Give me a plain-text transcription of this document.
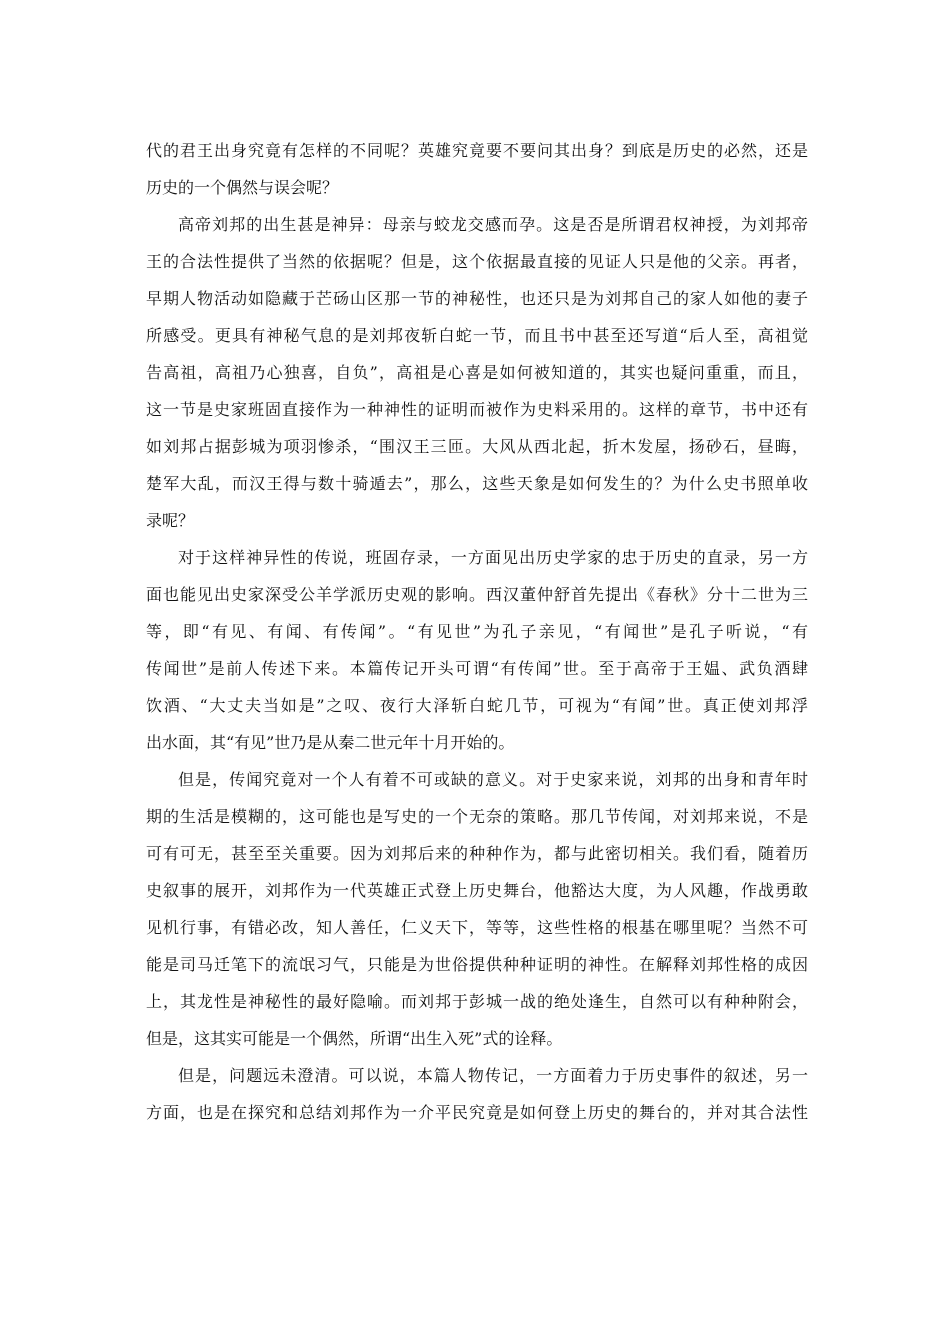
代的君王出身究竟有怎样的不同呢？英雄究竟要不要问其出身？到底是历史的必然，还是
历史的一个偶然与误会呢？
高帝刘邦的出生甚是神异：母亲与蛟龙交感而孕。这是否是所谓君权神授，为刘邦帝
王的合法性提供了当然的依据呢？但是，这个依据最直接的见证人只是他的父亲。再者，
早期人物活动如隐藏于芒砀山区那一节的神秘性，也还只是为刘邦自己的家人如他的妻子
所感受。更具有神秘气息的是刘邦夜斩白蛇一节，而且书中甚至还写道“后人至，高祖觉
告高祖，高祖乃心独喜，自负”，高祖是心喜是如何被知道的，其实也疑问重重，而且，
这一节是史家班固直接作为一种神性的证明而被作为史料采用的。这样的章节，书中还有
如刘邦占据彭城为项羽惨杀，“围汉王三匝。大风从西北起，折木发屋，扬砂石，昼晦，
楚军大乱，而汉王得与数十骑遁去”，那么，这些天象是如何发生的？为什么史书照单收
录呢？
对于这样神异性的传说，班固存录，一方面见出历史学家的忠于历史的直录，另一方
面也能见出史家深受公羊学派历史观的影响。西汉董仲舒首先提出《春秋》分十二世为三
等，即“有见、有闻、有传闻”。“有见世”为孔子亲见，“有闻世”是孔子听说，“有
传闻世”是前人传述下来。本篇传记开头可谓“有传闻”世。至于高帝于王媪、武负酒肆
饮酒、“大丈夫当如是”之叹、夜行大泽斩白蛇几节，可视为“有闻”世。真正使刘邦浮
出水面，其“有见”世乃是从秦二世元年十月开始的。
但是，传闻究竟对一个人有着不可或缺的意义。对于史家来说，刘邦的出身和青年时
期的生活是模糊的，这可能也是写史的一个无奈的策略。那几节传闻，对刘邦来说，不是
可有可无，甚至至关重要。因为刘邦后来的种种作为，都与此密切相关。我们看，随着历
史叙事的展开，刘邦作为一代英雄正式登上历史舞台，他豁达大度，为人风趣，作战勇敢
见机行事，有错必改，知人善任，仁义天下，等等，这些性格的根基在哪里呢？当然不可
能是司马迁笔下的流氓习气，只能是为世俗提供种种证明的神性。在解释刘邦性格的成因
上，其龙性是神秘性的最好隐喻。而刘邦于彭城一战的绝处逢生，自然可以有种种附会，
但是，这其实可能是一个偶然，所谓“出生入死”式的诠释。
但是，问题远未澄清。可以说，本篇人物传记，一方面着力于历史事件的叙述，另一
方面，也是在探究和总结刘邦作为一介平民究竟是如何登上历史的舞台的，并对其合法性
